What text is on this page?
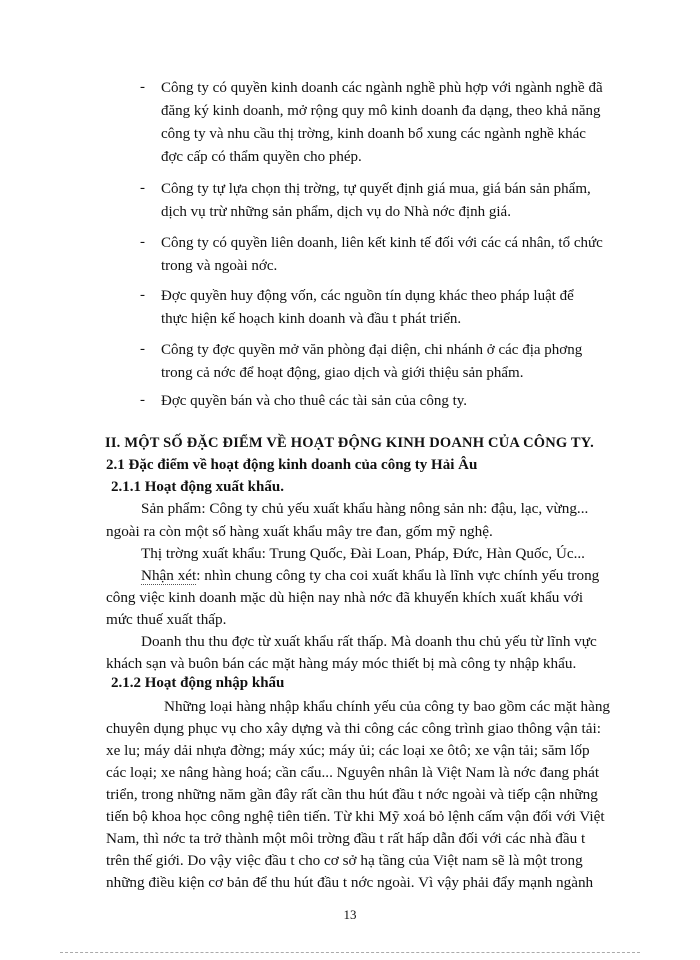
- Công ty có quyền kinh doanh các ngành nghề phù hợp với ngành nghề đã
đăng ký kinh doanh, mở rộng quy mô kinh doanh đa dạng, theo khả năng
công ty và nhu cầu thị trờng, kinh doanh bổ xung các ngành nghề khác
đợc cấp có thẩm quyền cho phép.
- Công ty tự lựa chọn thị trờng, tự quyết định giá mua, giá bán sản phẩm,
dịch vụ trừ những sản phẩm, dịch vụ do Nhà nớc định giá.
- Công ty có quyền liên doanh, liên kết kinh tế đối với các cá nhân, tổ chức
trong và ngoài nớc.
- Đợc quyền huy động vốn, các nguồn tín dụng khác theo pháp luật để
thực hiện kế hoạch kinh doanh và đầu t phát triển.
- Công ty đợc quyền mở văn phòng đại diện, chi nhánh ở các địa phơng
trong cả nớc để hoạt động, giao dịch và giới thiệu sản phẩm.
- Đợc quyền bán và cho thuê các tài sản của công ty.
II. MỘT SỐ ĐẶC ĐIỂM VỀ HOẠT ĐỘNG KINH DOANH CỦA CÔNG TY.
2.1 Đặc điểm về hoạt động kinh doanh của công ty Hải Âu
2.1.1 Hoạt động xuất khẩu.
Sản phẩm: Công ty chủ yếu xuất khẩu hàng nông sản nh: đậu, lạc, vừng...
ngoài ra còn một số hàng xuất khẩu mây tre đan, gốm mỹ nghệ.
Thị trờng xuất khẩu: Trung Quốc, Đài Loan, Pháp, Đức, Hàn Quốc, Úc...
Nhận xét: nhìn chung công ty cha coi xuất khẩu là lĩnh vực chính yếu trong
công việc kinh doanh mặc dù hiện nay nhà nớc đã khuyến khích xuất khẩu với
mức thuế xuất thấp.
Doanh thu thu đợc từ xuất khẩu rất thấp. Mà doanh thu chủ yếu từ lĩnh vực
khách sạn và buôn bán các mặt hàng máy móc thiết bị mà công ty nhập khẩu.
2.1.2 Hoạt động nhập khẩu
Những loại hàng nhập khẩu chính yếu của công ty bao gồm các mặt hàng
chuyên dụng phục vụ cho xây dựng và thi công các công trình giao thông vận tải:
xe lu; máy dải nhựa đờng; máy xúc; máy ủi; các loại xe ôtô; xe vận tải; săm lốp
các loại; xe nâng hàng hoá; cần cẩu... Nguyên nhân là Việt Nam là nớc đang phát
triển, trong những năm gần đây rất cần thu hút đầu t nớc ngoài và tiếp cận những
tiến bộ khoa học công nghệ tiên tiến. Từ khi Mỹ xoá bỏ lệnh cấm vận đối với Việt
Nam, thì nớc ta trở thành một môi trờng đầu t rất hấp dẫn đối với các nhà đầu t
trên thế giới. Do vậy việc đầu t cho cơ sở hạ tầng của Việt nam sẽ là một trong
những điều kiện cơ bản để thu hút đầu t nớc ngoài. Vì vậy phải đẩy mạnh ngành
13
